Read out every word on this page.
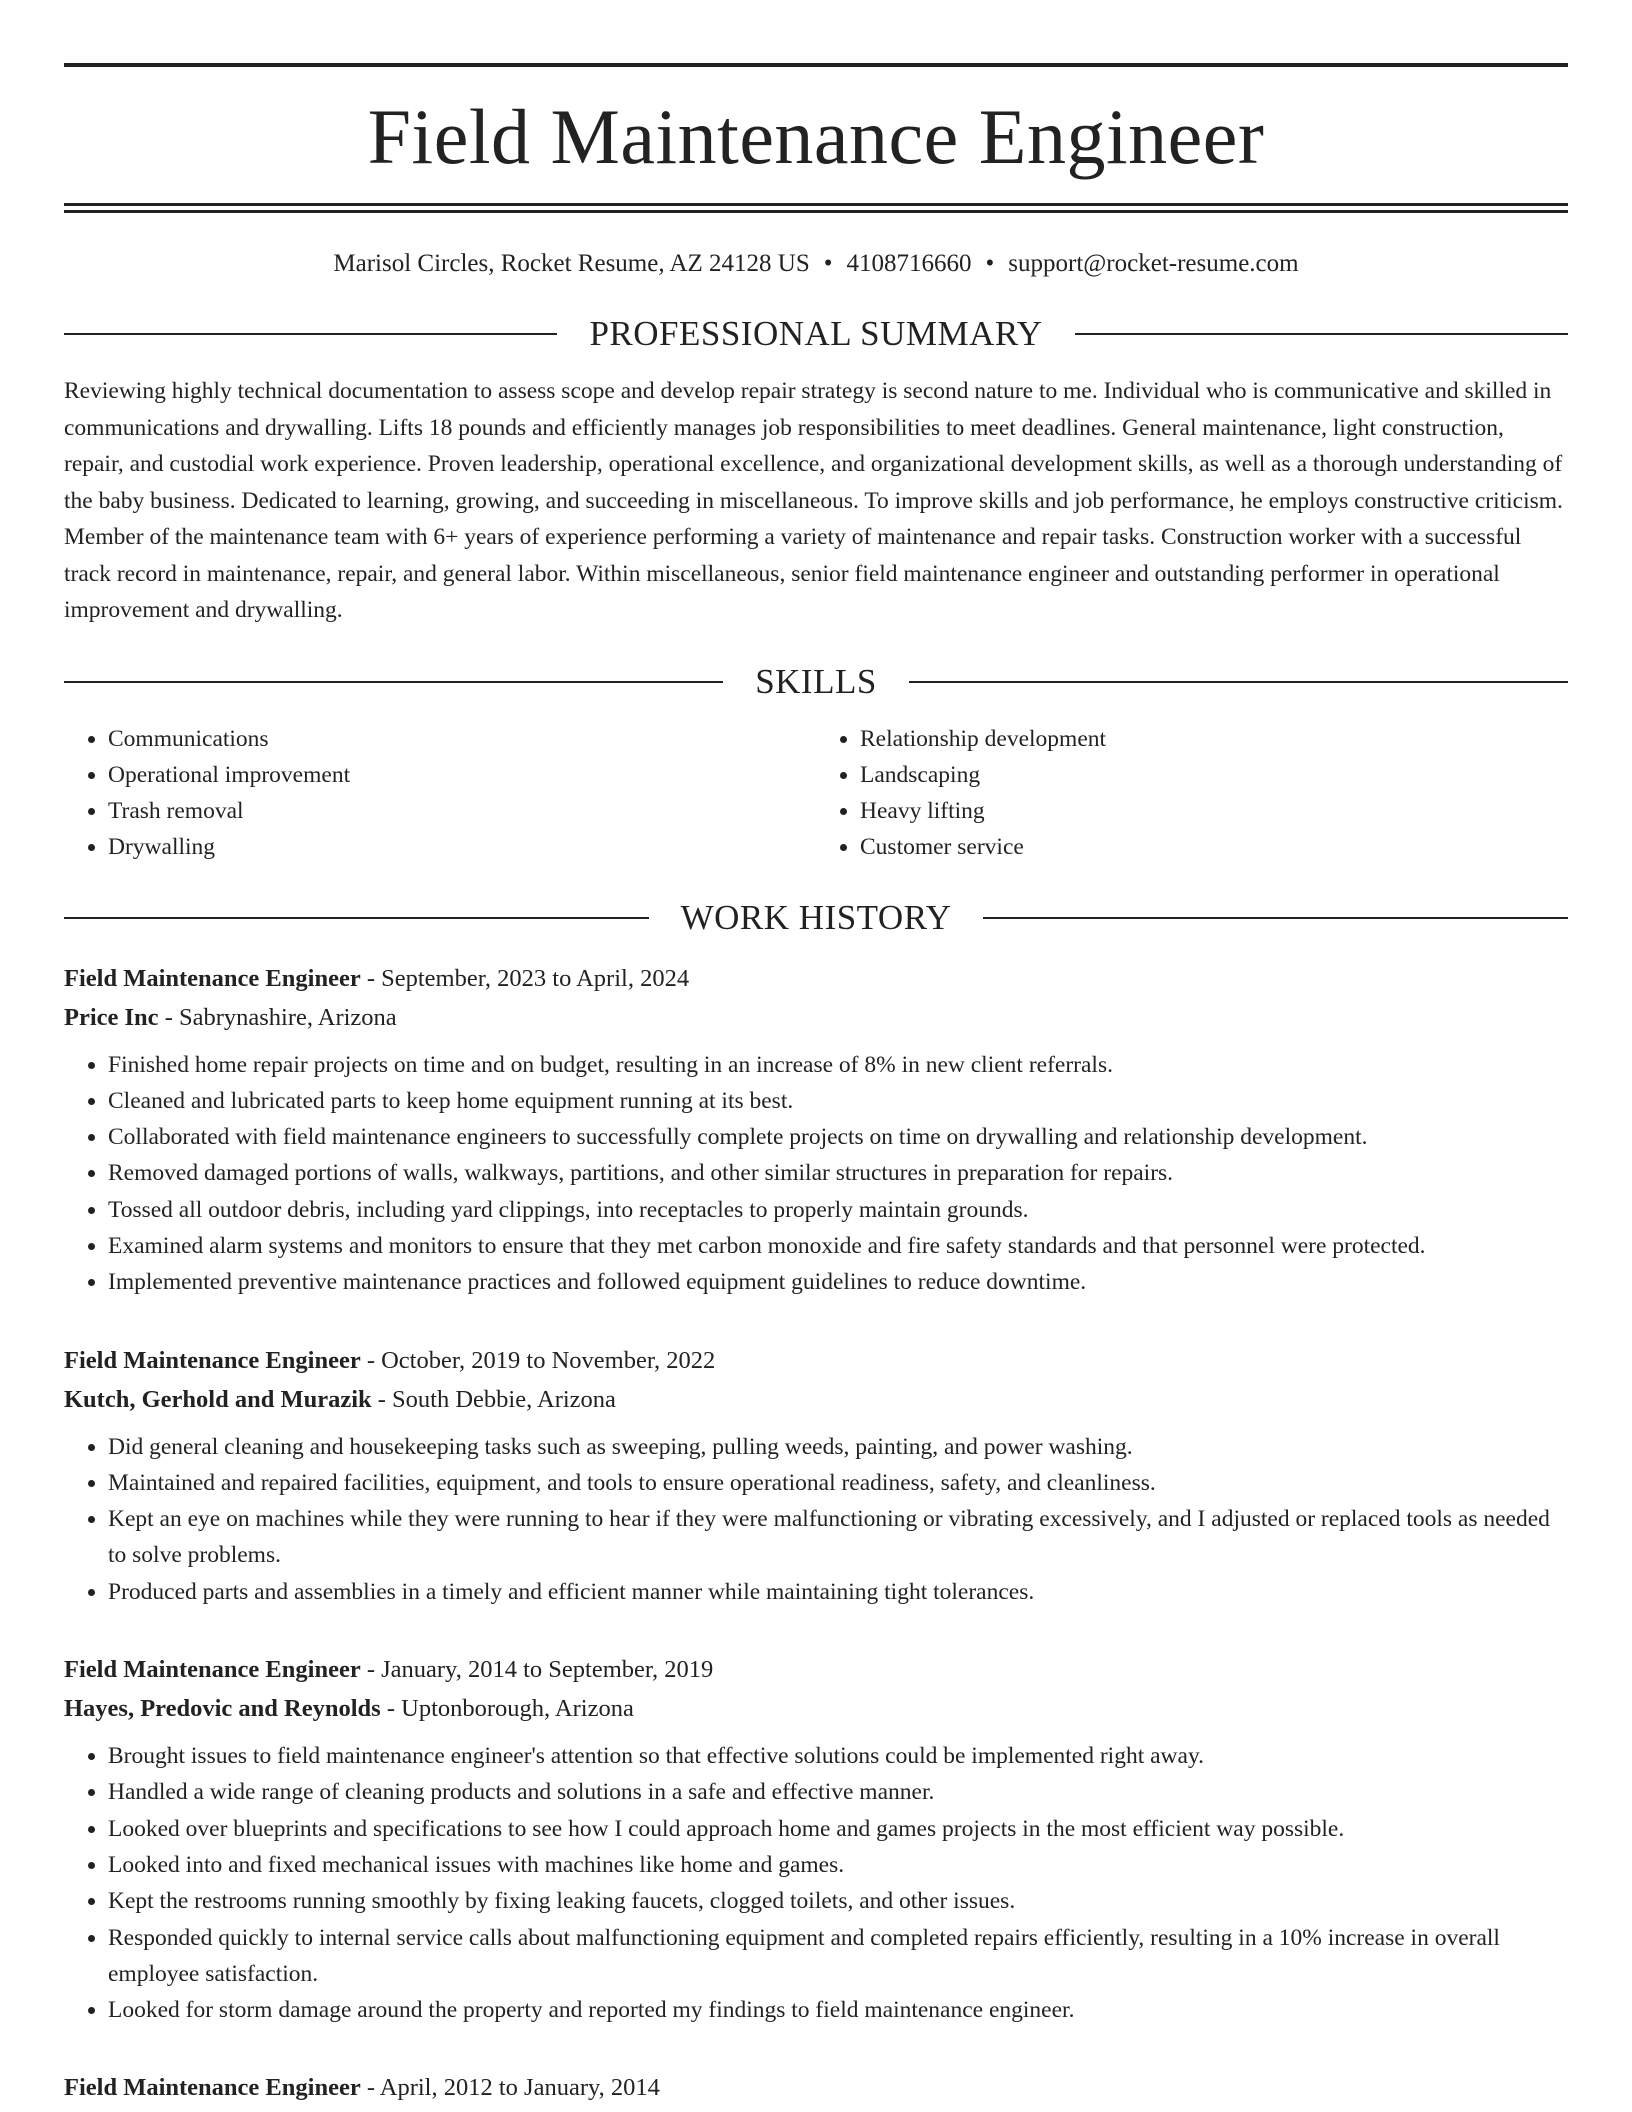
Field Maintenance Engineer
Marisol Circles, Rocket Resume, AZ 24128 US • 4108716660 • support@rocket-resume.com
PROFESSIONAL SUMMARY
Reviewing highly technical documentation to assess scope and develop repair strategy is second nature to me. Individual who is communicative and skilled in communications and drywalling. Lifts 18 pounds and efficiently manages job responsibilities to meet deadlines. General maintenance, light construction, repair, and custodial work experience. Proven leadership, operational excellence, and organizational development skills, as well as a thorough understanding of the baby business. Dedicated to learning, growing, and succeeding in miscellaneous. To improve skills and job performance, he employs constructive criticism. Member of the maintenance team with 6+ years of experience performing a variety of maintenance and repair tasks. Construction worker with a successful track record in maintenance, repair, and general labor. Within miscellaneous, senior field maintenance engineer and outstanding performer in operational improvement and drywalling.
SKILLS
• Communications
• Operational improvement
• Trash removal
• Drywalling
• Relationship development
• Landscaping
• Heavy lifting
• Customer service
WORK HISTORY
Field Maintenance Engineer - September, 2023 to April, 2024
Price Inc - Sabrynashire, Arizona
• Finished home repair projects on time and on budget, resulting in an increase of 8% in new client referrals.
• Cleaned and lubricated parts to keep home equipment running at its best.
• Collaborated with field maintenance engineers to successfully complete projects on time on drywalling and relationship development.
• Removed damaged portions of walls, walkways, partitions, and other similar structures in preparation for repairs.
• Tossed all outdoor debris, including yard clippings, into receptacles to properly maintain grounds.
• Examined alarm systems and monitors to ensure that they met carbon monoxide and fire safety standards and that personnel were protected.
• Implemented preventive maintenance practices and followed equipment guidelines to reduce downtime.
Field Maintenance Engineer - October, 2019 to November, 2022
Kutch, Gerhold and Murazik - South Debbie, Arizona
• Did general cleaning and housekeeping tasks such as sweeping, pulling weeds, painting, and power washing.
• Maintained and repaired facilities, equipment, and tools to ensure operational readiness, safety, and cleanliness.
• Kept an eye on machines while they were running to hear if they were malfunctioning or vibrating excessively, and I adjusted or replaced tools as needed to solve problems.
• Produced parts and assemblies in a timely and efficient manner while maintaining tight tolerances.
Field Maintenance Engineer - January, 2014 to September, 2019
Hayes, Predovic and Reynolds - Uptonborough, Arizona
• Brought issues to field maintenance engineer's attention so that effective solutions could be implemented right away.
• Handled a wide range of cleaning products and solutions in a safe and effective manner.
• Looked over blueprints and specifications to see how I could approach home and games projects in the most efficient way possible.
• Looked into and fixed mechanical issues with machines like home and games.
• Kept the restrooms running smoothly by fixing leaking faucets, clogged toilets, and other issues.
• Responded quickly to internal service calls about malfunctioning equipment and completed repairs efficiently, resulting in a 10% increase in overall employee satisfaction.
• Looked for storm damage around the property and reported my findings to field maintenance engineer.
Field Maintenance Engineer - April, 2012 to January, 2014
